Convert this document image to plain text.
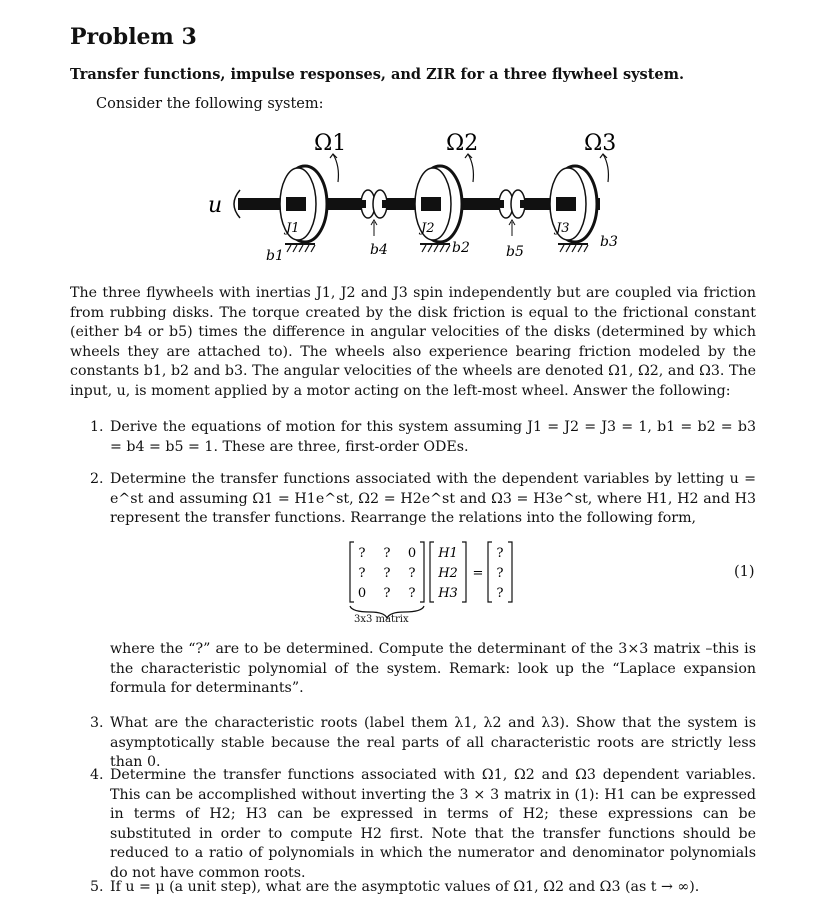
Problem 3
Transfer functions, impulse responses, and ZIR for a three flywheel system.

Consider the following system:

u
Ω1	Ω2	Ω3
J1	J2	J3
b1	b2	b3
b4	b5

The three flywheels with inertias J1, J2 and J3 spin independently but are coupled via friction from rubbing disks. The torque created by the disk friction is equal to the frictional constant (either b4 or b5) times the difference in angular velocities of the disks (determined by which wheels they are attached to). The wheels also experience bearing friction modeled by the constants b1, b2 and b3. The angular velocities of the wheels are denoted Ω1, Ω2, and Ω3. The input, u, is moment applied by a motor acting on the left-most wheel. Answer the following:

1. Derive the equations of motion for this system assuming J1 = J2 = J3 = 1, b1 = b2 = b3 = b4 = b5 = 1. These are three, first-order ODEs.
2. Determine the transfer functions associated with the dependent variables by letting u = e^st and assuming Ω1 = H1e^st, Ω2 = H2e^st and Ω3 = H3e^st, where H1, H2 and H3 represent the transfer functions. Rearrange the relations into the following form,
? ? 0
? ? ?
0 ? ?
H1
H2
H3
=
?
?
?
3x3 matrix
(1)

where the “?” are to be determined. Compute the determinant of the 3×3 matrix –this is the characteristic polynomial of the system. Remark: look up the “Laplace expansion formula for determinants”.

3. What are the characteristic roots (label them λ1, λ2 and λ3). Show that the system is asymptotically stable because the real parts of all characteristic roots are strictly less than 0.
4. Determine the transfer functions associated with Ω1, Ω2 and Ω3 dependent variables. This can be accomplished without inverting the 3 × 3 matrix in (1): H1 can be expressed in terms of H2; H3 can be expressed in terms of H2; these expressions can be substituted in order to compute H2 first. Note that the transfer functions should be reduced to a ratio of polynomials in which the numerator and denominator polynomials do not have common roots.
5. If u = μ (a unit step), what are the asymptotic values of Ω1, Ω2 and Ω3 (as t → ∞).
